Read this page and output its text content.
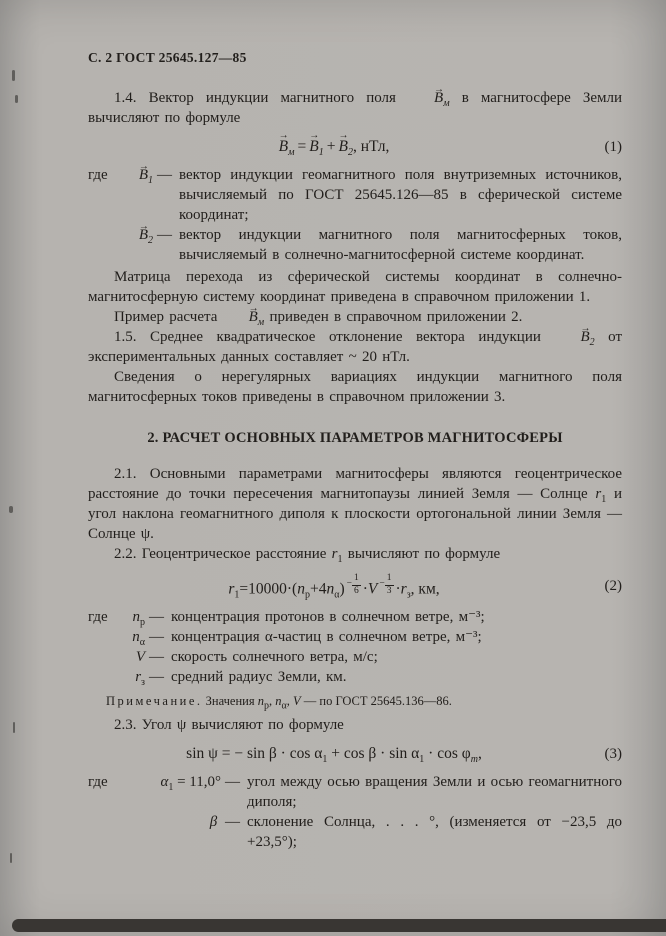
С. 2 ГОСТ 25645.127—85

1.4. Вектор индукции магнитного поля	$B \to_м$ в магнитосфере Земли вычисляют по формуле

$B \to_м = B \to_1 + B \to_2$, нТл,	(1)
где $B \to_1$ — вектор индукции геомагнитного поля внутриземных источников, вычисляемый по ГОСТ 25645.126—85 в сферической системе координат;
$B \to_2$ — вектор индукции магнитного поля магнитосферных токов, вычисляемый в солнечно-магнитосферной системе координат.

Матрица перехода из сферической системы координат в солнечно-магнитосферную систему координат приведена в справочном приложении 1.

Пример расчета $B \to_м$ приведен в справочном приложении 2.

1.5. Среднее квадратическое отклонение вектора индукции	$B \to_2$ от экспериментальных данных составляет ~ 20 нТл.

Сведения о нерегулярных вариациях индукции магнитного поля магнитосферных токов приведены в справочном приложении 3.

2. РАСЧЕТ ОСНОВНЫХ ПАРАМЕТРОВ МАГНИТОСФЕРЫ

2.1. Основными параметрами магнитосферы являются геоцентрическое расстояние до точки пересечения магнитопаузы линией Земля — Солнце $r_1$ и угол наклона геомагнитного диполя к плоскости ортогональной линии Земля — Солнце ψ.

2.2. Геоцентрическое расстояние $r_1$ вычисляют по формуле

$r_1=10000\cdot(n_р+4n_\alpha) - \frac{1}{6} \cdot V - \frac{1}{3} \cdot r_з$, км,	(2)
где $n_р$ — концентрация протонов в солнечном ветре, м⁻³;
$n_\alpha$ — концентрация α-частиц в солнечном ветре, м⁻³;
V — скорость солнечного ветра, м/с;
$r_з$ — средний радиус Земли, км.

Примечание. Значения $n_р$, $n_\alpha$, V — по ГОСТ 25645.136—86.

2.3. Угол ψ вычисляют по формуле

sin ψ = − $\sin \beta \cdot \cos \alpha_1 + \cos \beta \cdot \sin \alpha_1 \cdot \cos \varphi_m$,	(3)
где	$\alpha_1 = 11,0^\circ$ — угол между осью вращения Земли и осью геомагнитного диполя;
β — склонение Солнца, . . . °, (изменяется от −23,5 до +23,5°);
